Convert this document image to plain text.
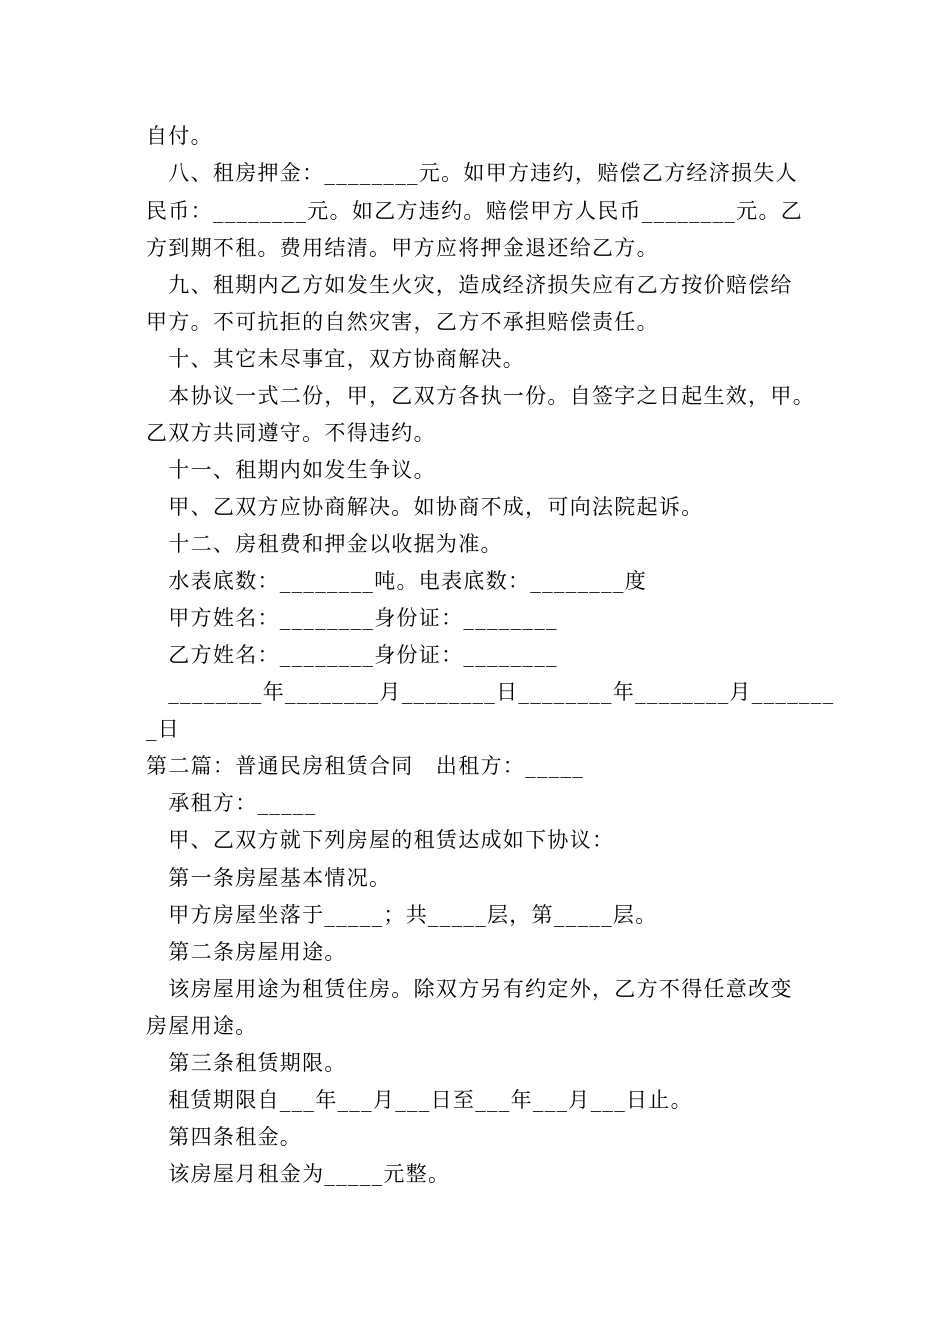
自付。
　八、租房押金：________元。如甲方违约，赔偿乙方经济损失人
民币：________元。如乙方违约。赔偿甲方人民币________元。乙
方到期不租。费用结清。甲方应将押金退还给乙方。
　九、租期内乙方如发生火灾，造成经济损失应有乙方按价赔偿给
甲方。不可抗拒的自然灾害，乙方不承担赔偿责任。
　十、其它未尽事宜，双方协商解决。
　本协议一式二份，甲，乙双方各执一份。自签字之日起生效，甲。
乙双方共同遵守。不得违约。
　十一、租期内如发生争议。
　甲、乙双方应协商解决。如协商不成，可向法院起诉。
　十二、房租费和押金以收据为准。
　水表底数：________吨。电表底数：________度
　甲方姓名：________身份证：________
　乙方姓名：________身份证：________
　________年________月________日________年________月_______
_日
第二篇：普通民房租赁合同　出租方：_____
　承租方：_____
　甲、乙双方就下列房屋的租赁达成如下协议：
　第一条房屋基本情况。
　甲方房屋坐落于_____；共_____层，第_____层。
　第二条房屋用途。
　该房屋用途为租赁住房。除双方另有约定外，乙方不得任意改变
房屋用途。
　第三条租赁期限。
　租赁期限自___年___月___日至___年___月___日止。
　第四条租金。
　该房屋月租金为_____元整。
